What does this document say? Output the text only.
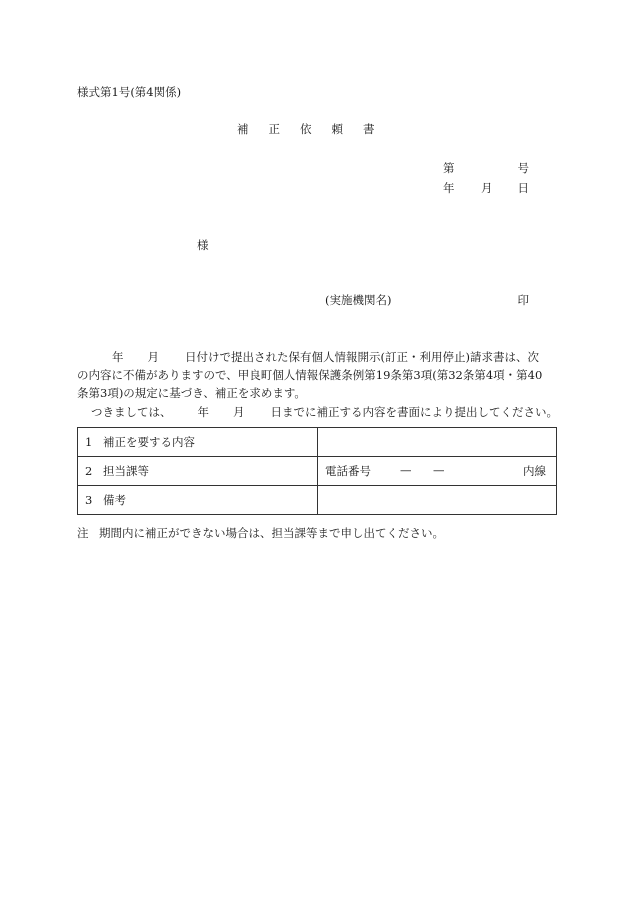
様式第1号(第4関係)
補 正 依 頼 書
第	号
年 月 日
様
(実施機関名)	印
年 月 日付けで提出された保有個人情報開示(訂正・利用停止)請求書は、次
の内容に不備がありますので、甲良町個人情報保護条例第19条第3項(第32条第4項・第40
条第3項)の規定に基づき、補正を求めます。
つきましては、 年 月 日までに補正する内容を書面により提出してください。
1 補正を要する内容	
2 担当課等	電話番号 — — 内線

3 備考	
注 期間内に補正ができない場合は、担当課等まで申し出てください。
